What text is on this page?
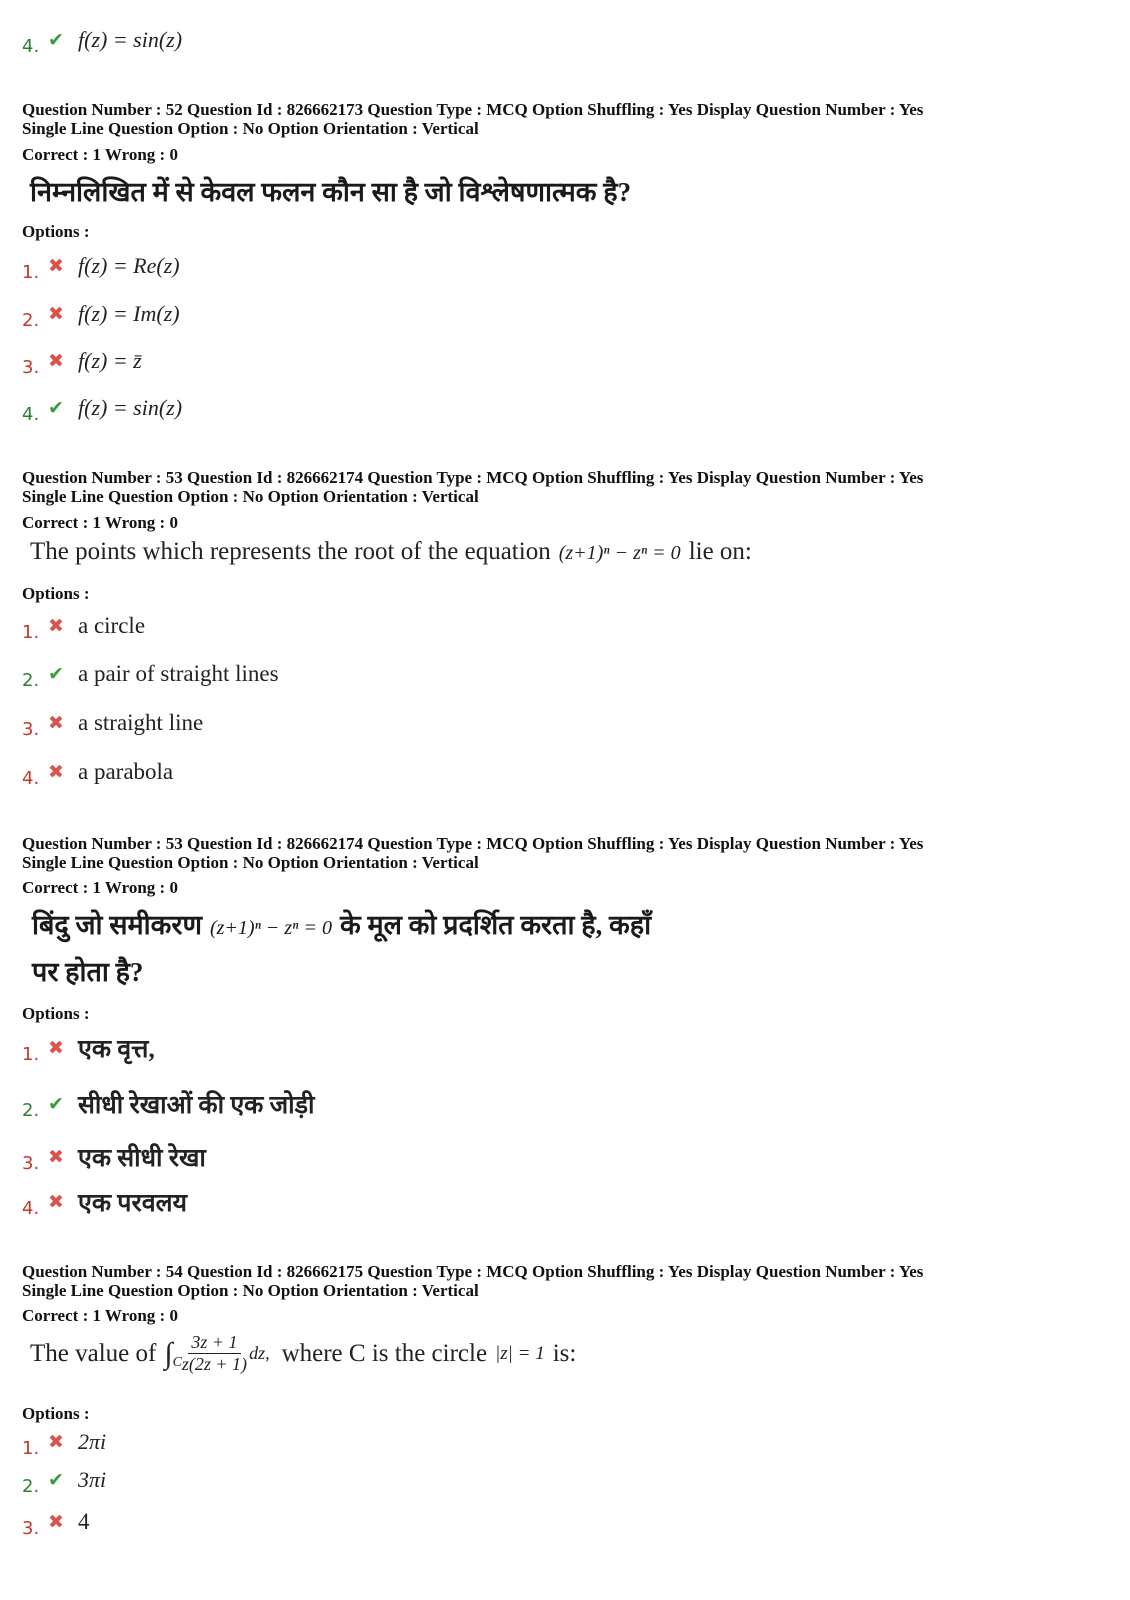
4. ✔ f(z) = sin(z)
Question Number : 52 Question Id : 826662173 Question Type : MCQ Option Shuffling : Yes Display Question Number : Yes
Single Line Question Option : No Option Orientation : Vertical
Correct : 1 Wrong : 0
निम्नलिखित में से केवल फलन कौन सा है जो विश्लेषणात्मक है?
Options :
1. ✖ f(z) = Re(z)
2. ✖ f(z) = Im(z)
3. ✖ f(z) = z̄
4. ✔ f(z) = sin(z)
Question Number : 53 Question Id : 826662174 Question Type : MCQ Option Shuffling : Yes Display Question Number : Yes
Single Line Question Option : No Option Orientation : Vertical
Correct : 1 Wrong : 0
The points which represents the root of the equation (z+1)ⁿ − zⁿ = 0 lie on:
Options :
1. ✖ a circle
2. ✔ a pair of straight lines
3. ✖ a straight line
4. ✖ a parabola
Question Number : 53 Question Id : 826662174 Question Type : MCQ Option Shuffling : Yes Display Question Number : Yes
Single Line Question Option : No Option Orientation : Vertical
Correct : 1 Wrong : 0
बिंदु जो समीकरण (z+1)ⁿ − zⁿ = 0 के मूल को प्रदर्शित करता है, कहाँ
पर होता है?
Options :
1. ✖ एक वृत्त,
2. ✔ सीधी रेखाओं की एक जोड़ी
3. ✖ एक सीधी रेखा
4. ✖ एक परवलय
Question Number : 54 Question Id : 826662175 Question Type : MCQ Option Shuffling : Yes Display Question Number : Yes
Single Line Question Option : No Option Orientation : Vertical
Correct : 1 Wrong : 0
The value of ∫ C $\frac{3z + 1}{z(2z + 1)}$ dz, where C is the circle |z| = 1 is:
Options :
1. ✖ 2πi
2. ✔ 3πi
3. ✖ 4
